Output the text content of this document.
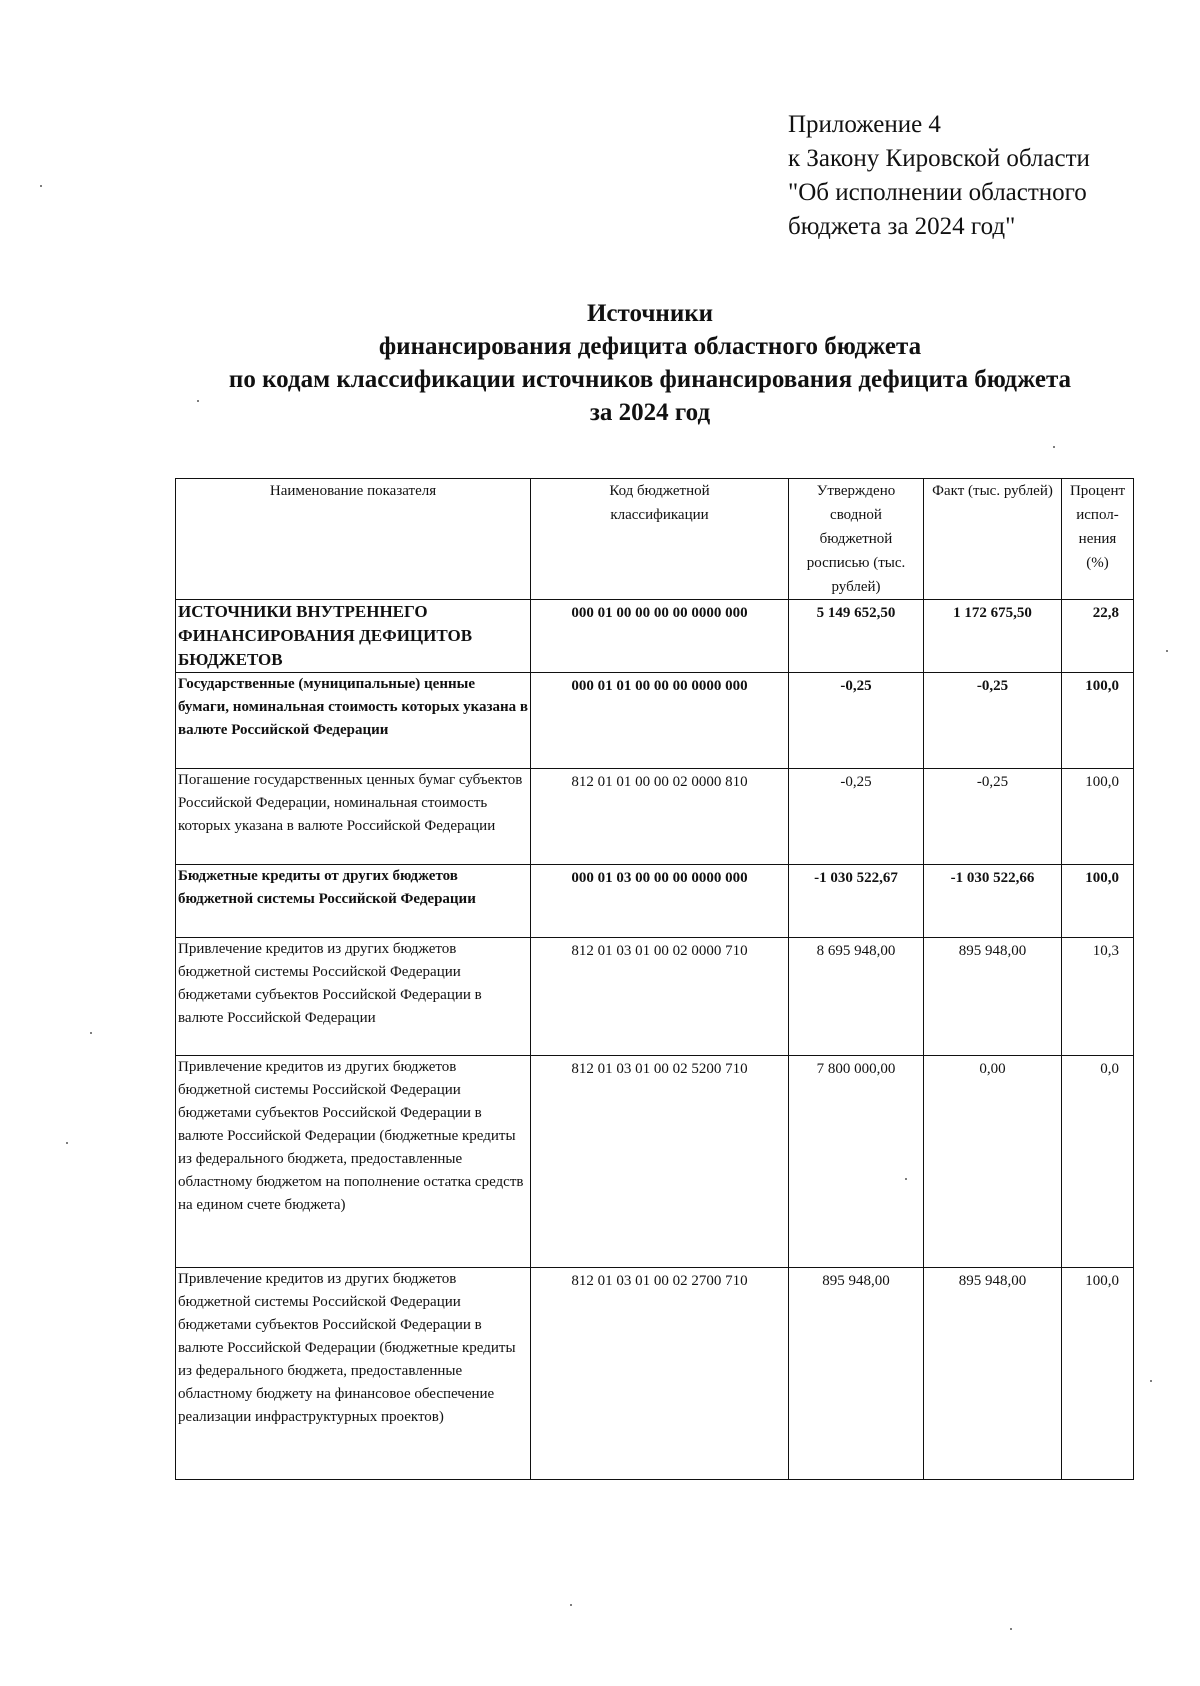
Приложение 4
к Закону Кировской области
"Об исполнении областного
бюджета за 2024 год"
Источники
финансирования дефицита областного бюджета
по кодам классификации источников финансирования дефицита бюджета
за 2024 год
Наименование показателя	Код бюджетной классификации	Утверждено сводной бюджетной росписью (тыс. рублей)	Факт (тыс. рублей)	Процент испол-нения (%)
ИСТОЧНИКИ ВНУТРЕННЕГО ФИНАНСИРОВАНИЯ ДЕФИЦИТОВ БЮДЖЕТОВ	000 01 00 00 00 00 0000 000	5 149 652,50	1 172 675,50	22,8
Государственные (муниципальные) ценные бумаги, номинальная стоимость которых указана в валюте Российской Федерации	000 01 01 00 00 00 0000 000	-0,25	-0,25	100,0
Погашение государственных ценных бумаг субъектов Российской Федерации, номинальная стоимость которых указана в валюте Российской Федерации	812 01 01 00 00 02 0000 810	-0,25	-0,25	100,0
Бюджетные кредиты от других бюджетов бюджетной системы Российской Федерации	000 01 03 00 00 00 0000 000	-1 030 522,67	-1 030 522,66	100,0
Привлечение кредитов из других бюджетов бюджетной системы Российской Федерации бюджетами субъектов Российской Федерации в валюте Российской Федерации	812 01 03 01 00 02 0000 710	8 695 948,00	895 948,00	10,3
Привлечение кредитов из других бюджетов бюджетной системы Российской Федерации бюджетами субъектов Российской Федерации в валюте Российской Федерации (бюджетные кредиты из федерального бюджета, предоставленные областному бюджетом на пополнение остатка средств на едином счете бюджета)	812 01 03 01 00 02 5200 710	7 800 000,00	0,00	0,0
Привлечение кредитов из других бюджетов бюджетной системы Российской Федерации бюджетами субъектов Российской Федерации в валюте Российской Федерации (бюджетные кредиты из федерального бюджета, предоставленные областному бюджету на финансовое обеспечение реализации инфраструктурных проектов)	812 01 03 01 00 02 2700 710	895 948,00	895 948,00	100,0
